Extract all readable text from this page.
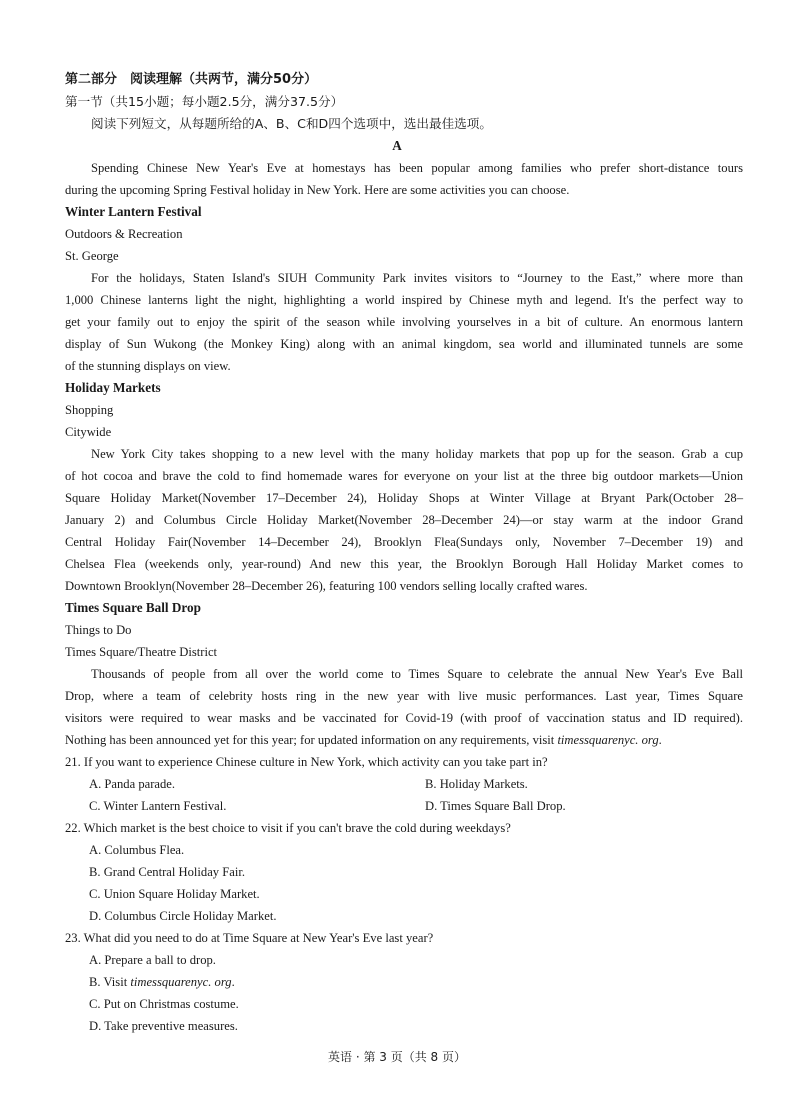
第二部分　阅读理解（共两节，满分50分）
第一节（共15小题；每小题2.5分，满分37.5分）
阅读下列短文，从每题所给的A、B、C和D四个选项中，选出最佳选项。
A
Spending Chinese New Year's Eve at homestays has been popular among families who prefer short-distance tours
during the upcoming Spring Festival holiday in New York. Here are some activities you can choose.
Winter Lantern Festival
Outdoors & Recreation
St. George
For the holidays, Staten Island's SIUH Community Park invites visitors to “Journey to the East,” where more than
1,000 Chinese lanterns light the night, highlighting a world inspired by Chinese myth and legend. It's the perfect way to
get your family out to enjoy the spirit of the season while involving yourselves in a bit of culture. An enormous lantern
display of Sun Wukong (the Monkey King) along with an animal kingdom, sea world and illuminated tunnels are some
of the stunning displays on view.
Holiday Markets
Shopping
Citywide
New York City takes shopping to a new level with the many holiday markets that pop up for the season. Grab a cup
of hot cocoa and brave the cold to find homemade wares for everyone on your list at the three big outdoor markets—Union
Square Holiday Market(November 17–December 24), Holiday Shops at Winter Village at Bryant Park(October 28–
January 2) and Columbus Circle Holiday Market(November 28–December 24)—or stay warm at the indoor Grand
Central Holiday Fair(November 14–December 24), Brooklyn Flea(Sundays only, November 7–December 19) and
Chelsea Flea (weekends only, year-round) And new this year, the Brooklyn Borough Hall Holiday Market comes to
Downtown Brooklyn(November 28–December 26), featuring 100 vendors selling locally crafted wares.
Times Square Ball Drop
Things to Do
Times Square/Theatre District
Thousands of people from all over the world come to Times Square to celebrate the annual New Year's Eve Ball
Drop, where a team of celebrity hosts ring in the new year with live music performances. Last year, Times Square
visitors were required to wear masks and be vaccinated for Covid-19 (with proof of vaccination status and ID required).
Nothing has been announced yet for this year; for updated information on any requirements, visit timessquarenyc. org.
21. If you want to experience Chinese culture in New York, which activity can you take part in?
A. Panda parade.	B. Holiday Markets.
C. Winter Lantern Festival.	D. Times Square Ball Drop.
22. Which market is the best choice to visit if you can't brave the cold during weekdays?
A. Columbus Flea.
B. Grand Central Holiday Fair.
C. Union Square Holiday Market.
D. Columbus Circle Holiday Market.
23. What did you need to do at Time Square at New Year's Eve last year?
A. Prepare a ball to drop.
B. Visit timessquarenyc. org.
C. Put on Christmas costume.
D. Take preventive measures.
英语 · 第 3 页（共 8 页）
